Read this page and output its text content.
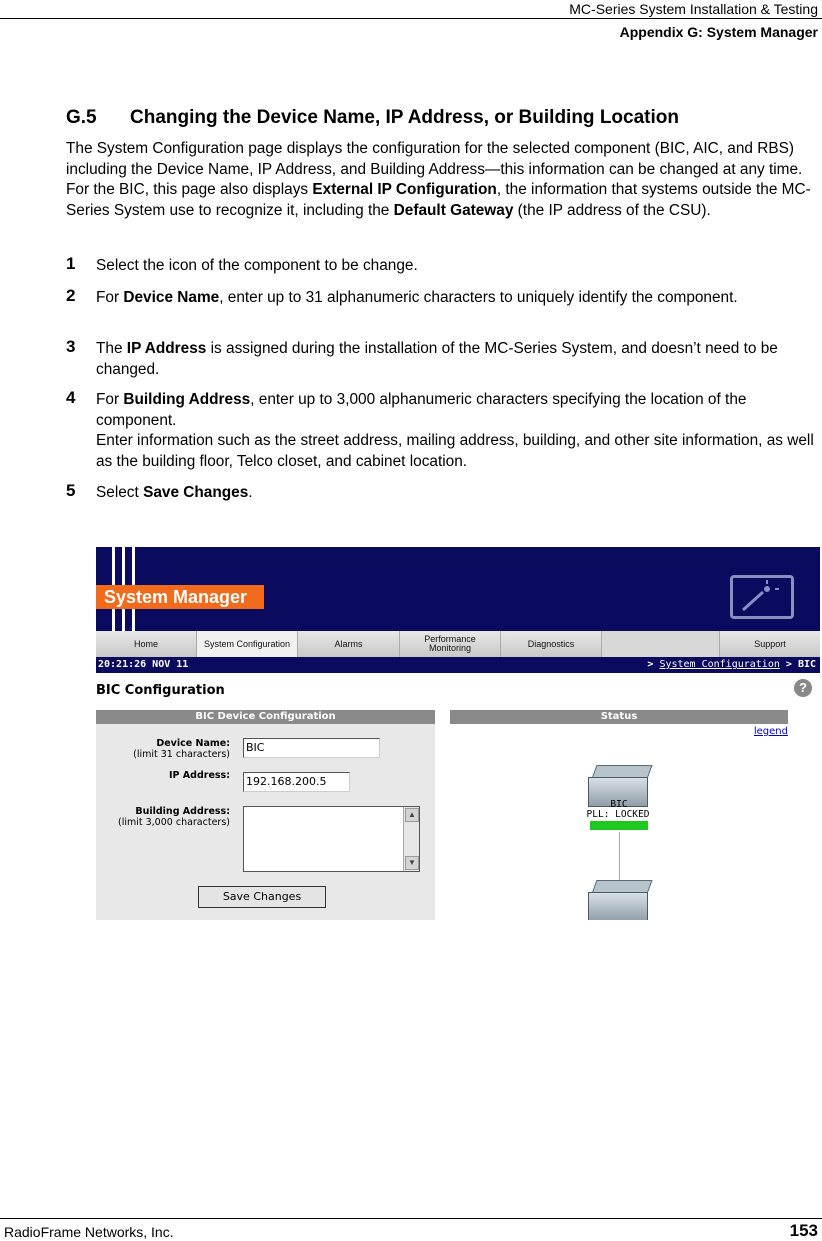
MC-Series System Installation & Testing
Appendix G: System Manager
G.5 Changing the Device Name, IP Address, or Building Location
The System Configuration page displays the configuration for the selected component (BIC, AIC, and RBS) including the Device Name, IP Address, and Building Address—this information can be changed at any time. For the BIC, this page also displays External IP Configuration, the information that systems outside the MC-Series System use to recognize it, including the Default Gateway (the IP address of the CSU).
1 Select the icon of the component to be change.
2 For Device Name, enter up to 31 alphanumeric characters to uniquely identify the component.
3 The IP Address is assigned during the installation of the MC-Series System, and doesn’t need to be changed.
4 For Building Address, enter up to 3,000 alphanumeric characters specifying the location of the component.
Enter information such as the street address, mailing address, building, and other site information, as well as the building floor, Telco closet, and cabinet location.
5 Select Save Changes.
System Manager
Home	System Configuration	Alarms	Performance
Monitoring	Diagnostics	Support
20:21:26 NOV 11	> System Configuration > BIC
BIC Configuration	?
BIC Device Configuration
Device Name:
(limit 31 characters)
BIC
IP Address: 192.168.200.5
Building Address:
(limit 3,000 characters)
▲
▼
Save Changes
Status
legend
BIC
PLL: LOCKED
RadioFrame Networks, Inc.	153
